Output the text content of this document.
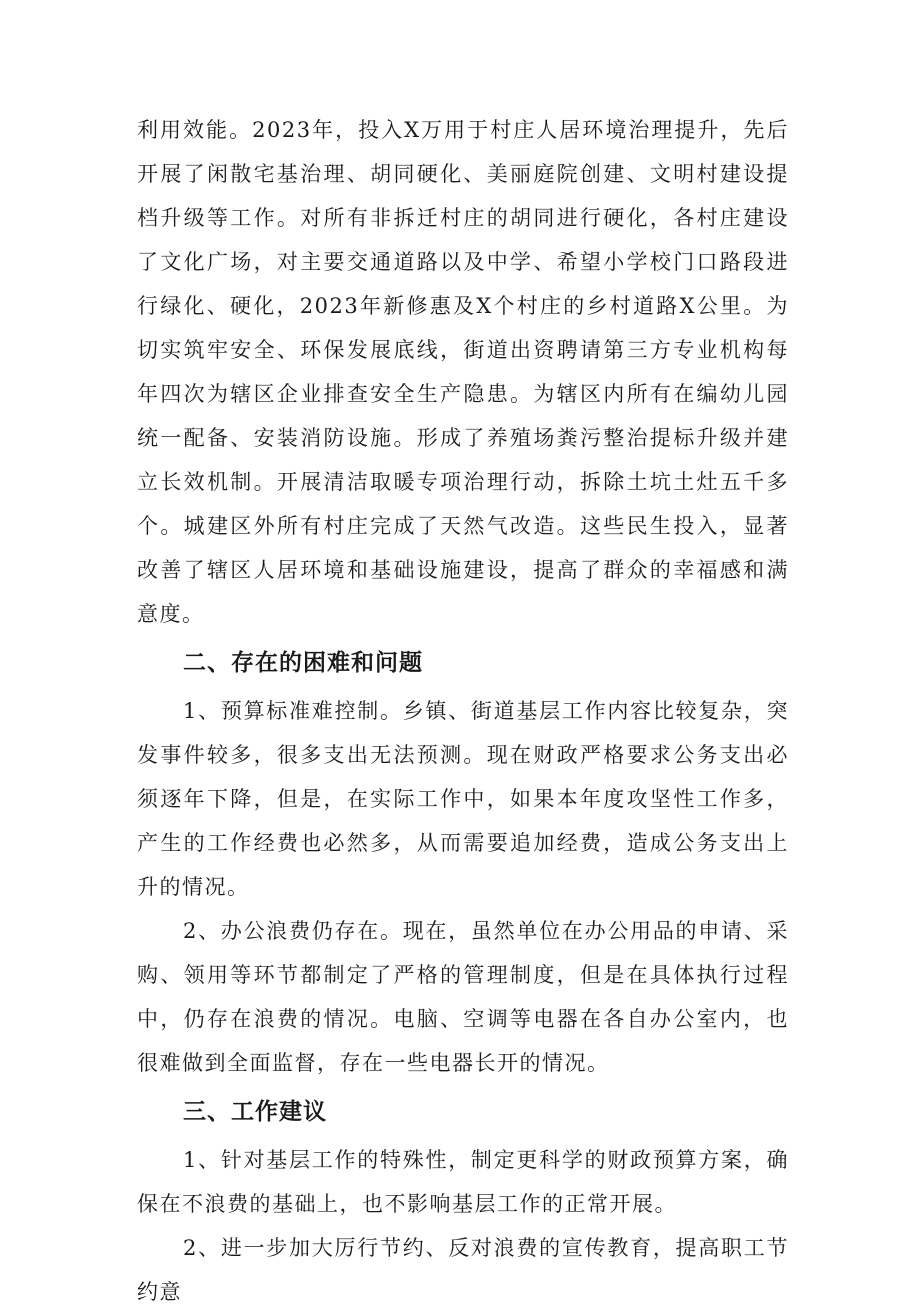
利用效能。2023年，投入X万用于村庄人居环境治理提升，先后开展了闲散宅基治理、胡同硬化、美丽庭院创建、文明村建设提档升级等工作。对所有非拆迁村庄的胡同进行硬化，各村庄建设了文化广场，对主要交通道路以及中学、希望小学校门口路段进行绿化、硬化，2023年新修惠及X个村庄的乡村道路X公里。为切实筑牢安全、环保发展底线，街道出资聘请第三方专业机构每年四次为辖区企业排查安全生产隐患。为辖区内所有在编幼儿园统一配备、安装消防设施。形成了养殖场粪污整治提标升级并建立长效机制。开展清洁取暖专项治理行动，拆除土坑土灶五千多个。城建区外所有村庄完成了天然气改造。这些民生投入，显著改善了辖区人居环境和基础设施建设，提高了群众的幸福感和满意度。

二、存在的困难和问题

1、预算标准难控制。乡镇、街道基层工作内容比较复杂，突发事件较多，很多支出无法预测。现在财政严格要求公务支出必须逐年下降，但是，在实际工作中，如果本年度攻坚性工作多，产生的工作经费也必然多，从而需要追加经费，造成公务支出上升的情况。

2、办公浪费仍存在。现在，虽然单位在办公用品的申请、采购、领用等环节都制定了严格的管理制度，但是在具体执行过程中，仍存在浪费的情况。电脑、空调等电器在各自办公室内，也很难做到全面监督，存在一些电器长开的情况。

三、工作建议

1、针对基层工作的特殊性，制定更科学的财政预算方案，确保在不浪费的基础上，也不影响基层工作的正常开展。

2、进一步加大厉行节约、反对浪费的宣传教育，提高职工节约意
